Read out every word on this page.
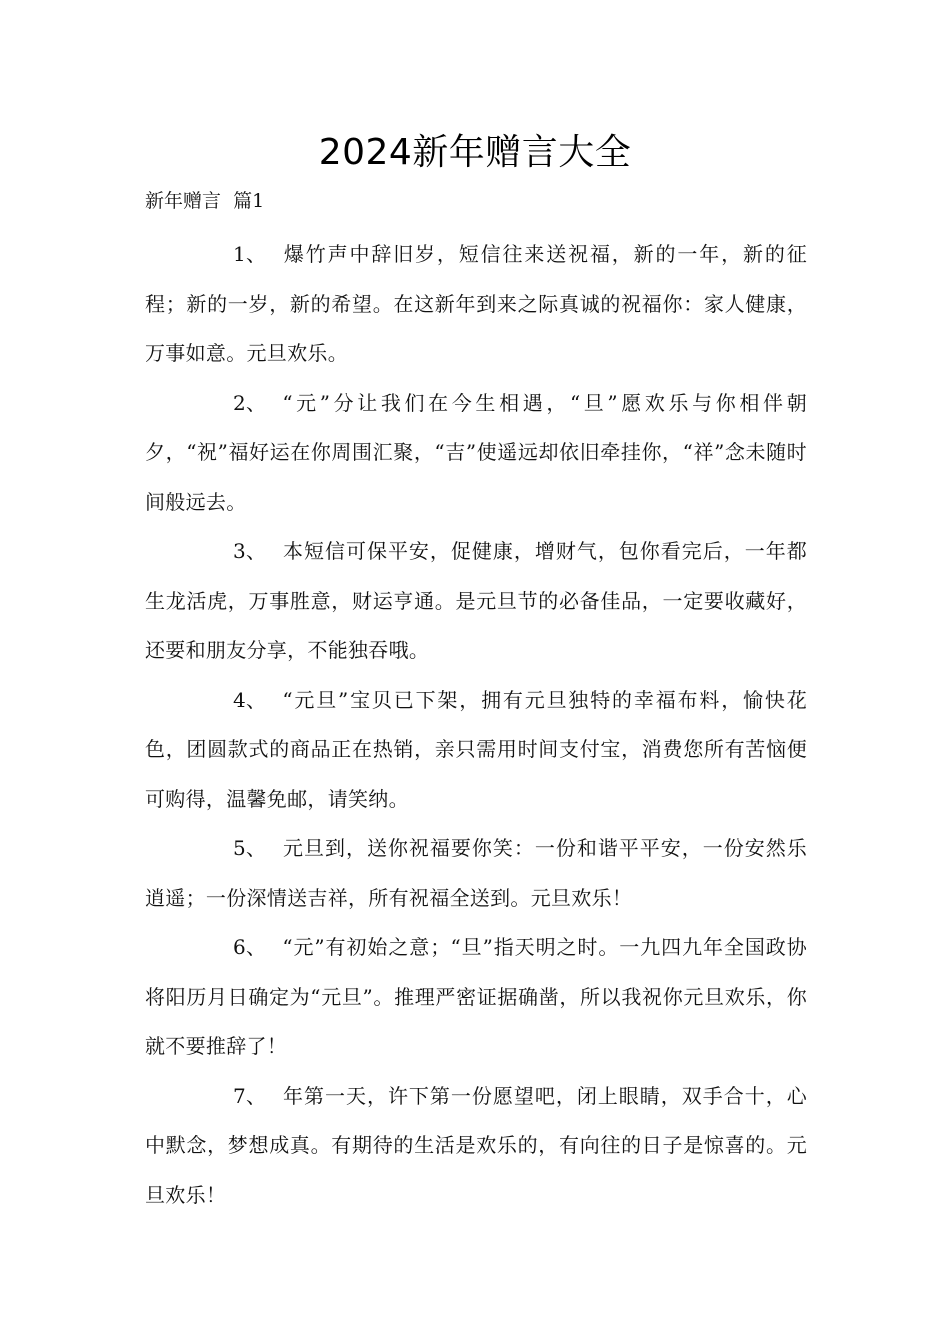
2024新年赠言大全
新年赠言  篇1

1、 爆竹声中辞旧岁，短信往来送祝福，新的一年，新的征程；新的一岁，新的希望。在这新年到来之际真诚的祝福你：家人健康，万事如意。元旦欢乐。

2、 “元”分让我们在今生相遇，“旦”愿欢乐与你相伴朝夕，“祝”福好运在你周围汇聚，“吉”使遥远却依旧牵挂你，“祥”念未随时间般远去。

3、 本短信可保平安，促健康，增财气，包你看完后，一年都生龙活虎，万事胜意，财运亨通。是元旦节的必备佳品，一定要收藏好，还要和朋友分享，不能独吞哦。

4、 “元旦”宝贝已下架，拥有元旦独特的幸福布料，愉快花色，团圆款式的商品正在热销，亲只需用时间支付宝，消费您所有苦恼便可购得，温馨免邮，请笑纳。

5、 元旦到，送你祝福要你笑：一份和谐平平安，一份安然乐逍遥；一份深情送吉祥，所有祝福全送到。元旦欢乐！

6、 “元”有初始之意；“旦”指天明之时。一九四九年全国政协将阳历月日确定为“元旦”。推理严密证据确凿，所以我祝你元旦欢乐，你就不要推辞了！

7、 年第一天，许下第一份愿望吧，闭上眼睛，双手合十，心中默念，梦想成真。有期待的生活是欢乐的，有向往的日子是惊喜的。元旦欢乐！
